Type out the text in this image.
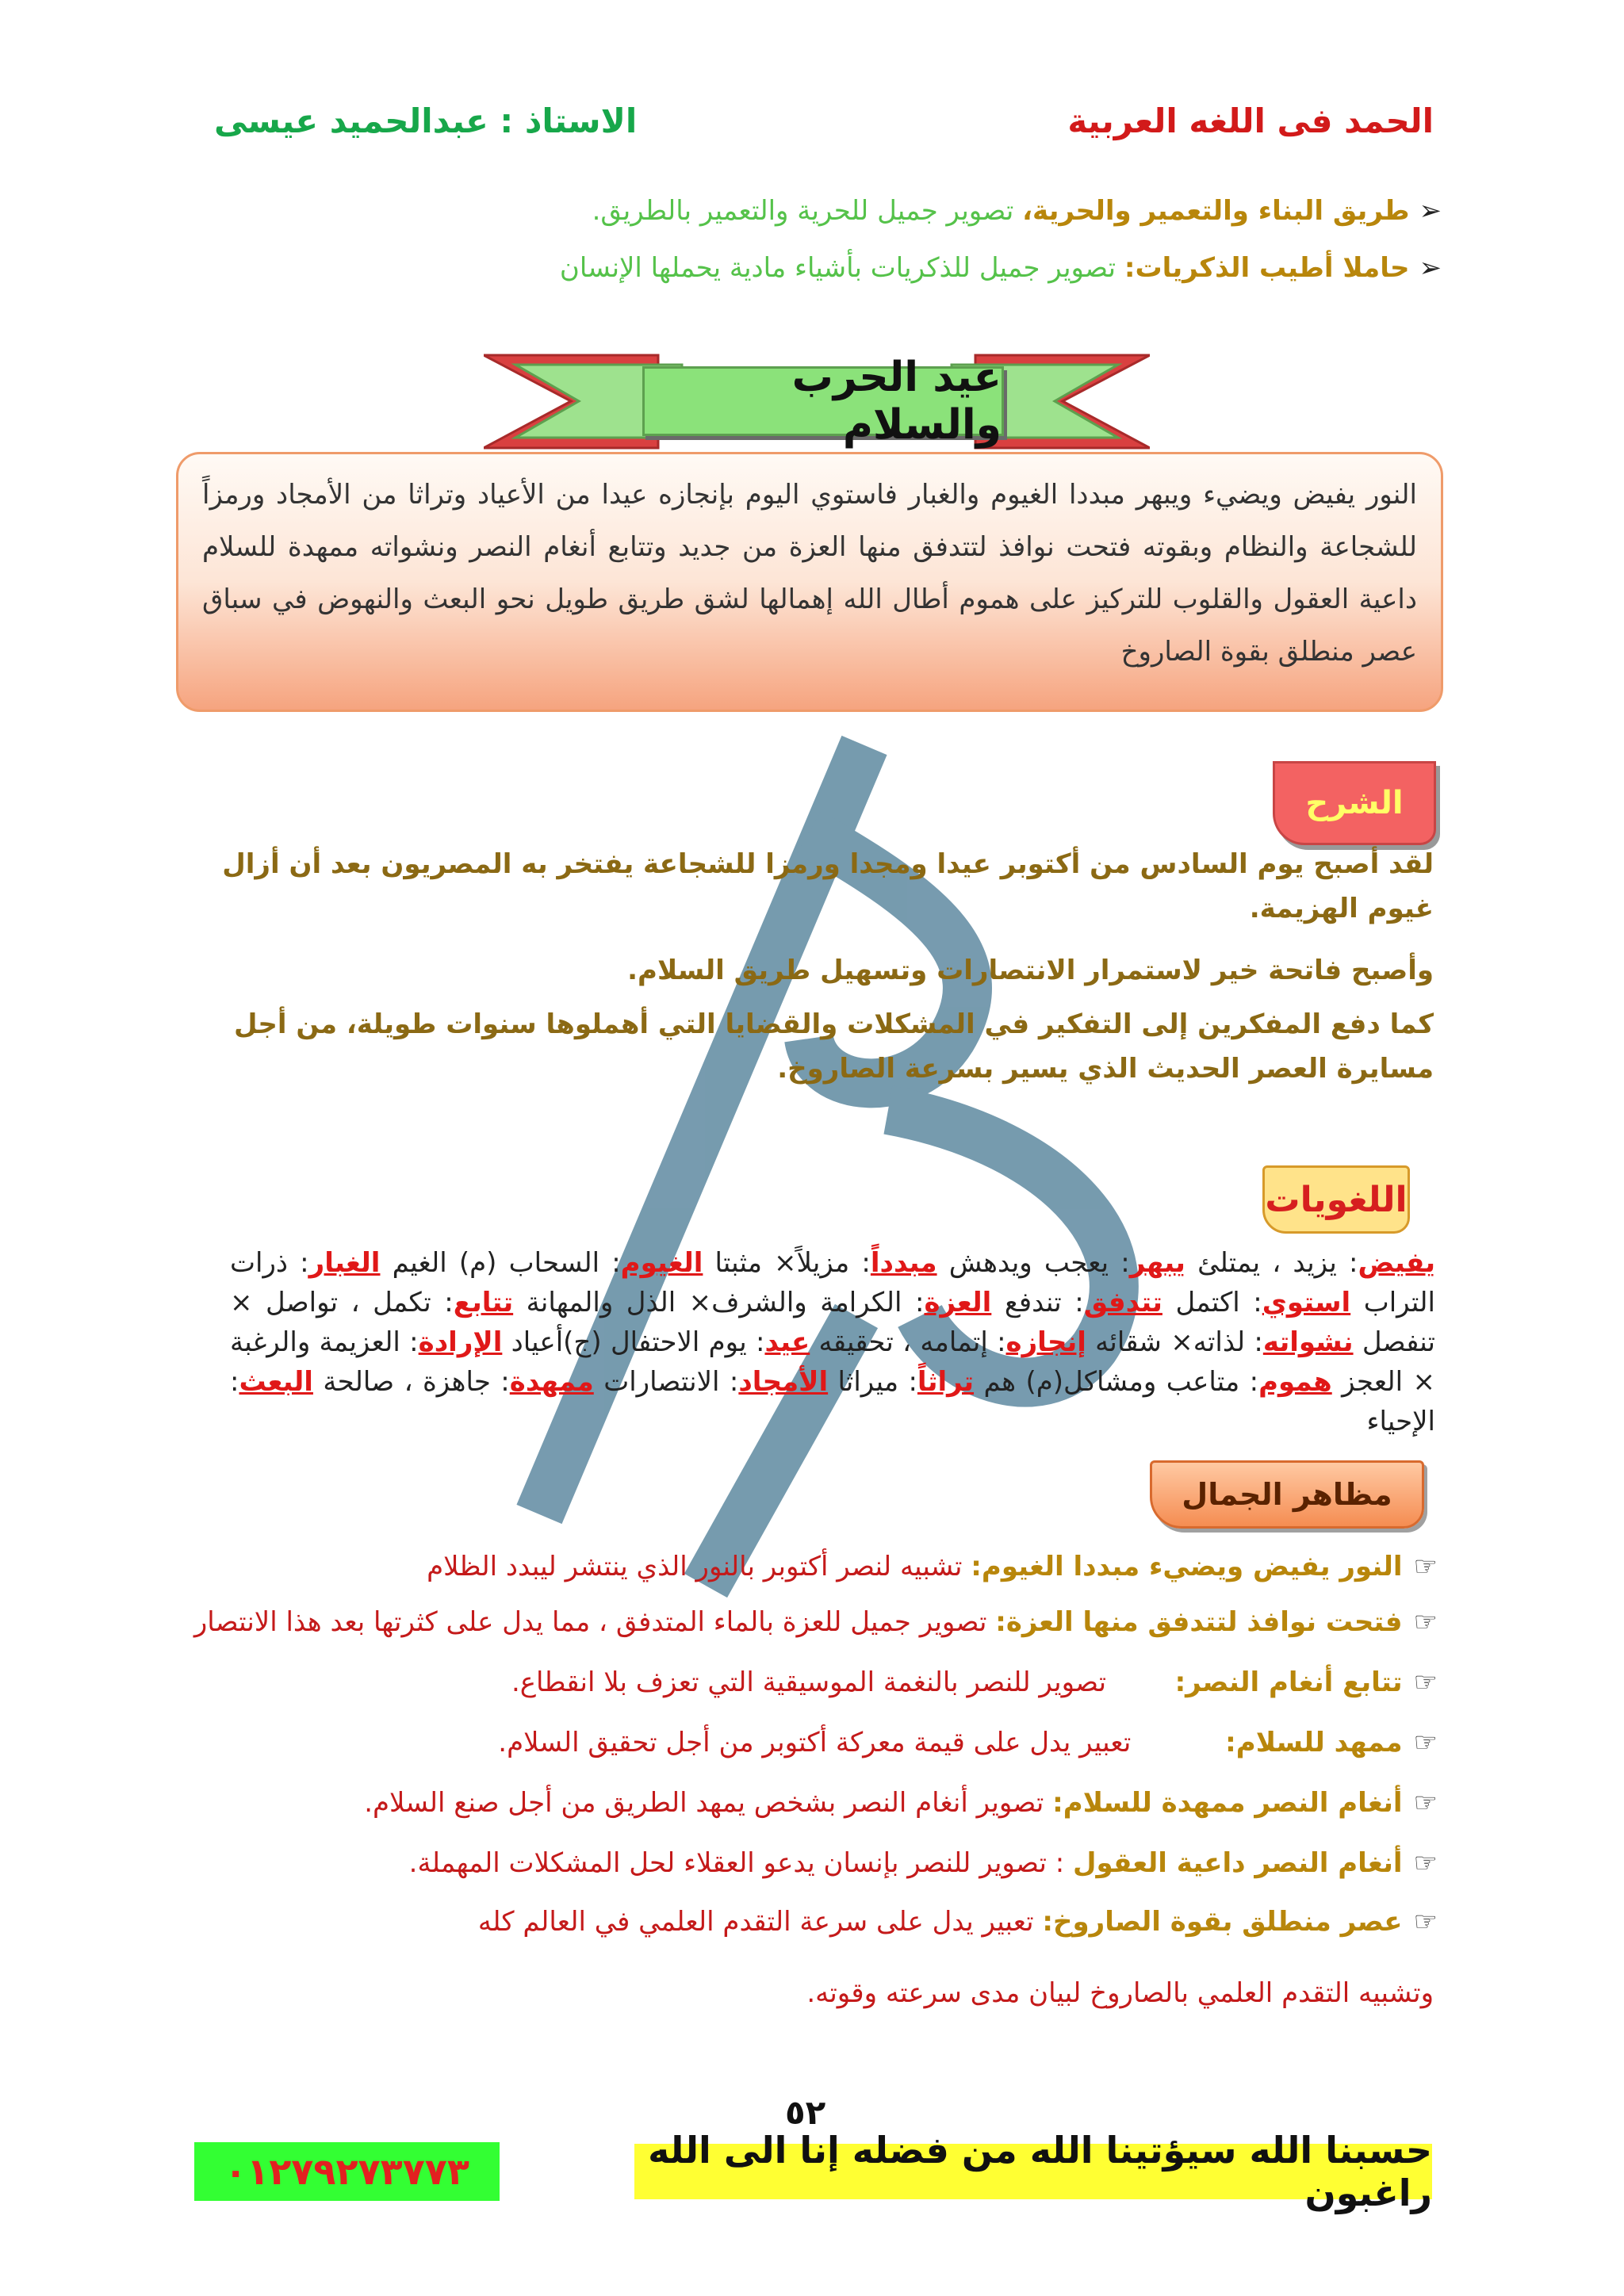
الحمد فى اللغه العربية
الاستاذ : عبدالحميد عيسى
➢
طريق البناء والتعمير والحرية، تصوير جميل للحرية والتعمير بالطريق.
➢
حاملا أطيب الذكريات: تصوير جميل للذكريات بأشياء مادية يحملها الإنسان
عيد الحرب والسلام
النور يفيض ويضيء ويبهر مبددا الغيوم والغبار فاستوي اليوم بإنجازه عيدا من الأعياد وتراثا من الأمجاد ورمزاً للشجاعة والنظام وبقوته فتحت نوافذ لتتدفق منها العزة من جديد وتتابع أنغام النصر ونشواته ممهدة للسلام داعية العقول والقلوب للتركيز على هموم أطال الله إهمالها لشق طريق طويل نحو البعث والنهوض في سباق عصر منطلق بقوة الصاروخ
الشرح
لقد أصبح يوم السادس من أكتوبر عيدا ومجدا ورمزا للشجاعة يفتخر به المصريون بعد أن أزال غيوم الهزيمة.
وأصبح فاتحة خير لاستمرار الانتصارات وتسهيل طريق السلام.
كما دفع المفكرين إلى التفكير في المشكلات والقضايا التي أهملوها سنوات طويلة، من أجل مسايرة العصر الحديث الذي يسير بسرعة الصاروخ.
اللغويات
يفيض: يزيد ، يمتلئ يبهر: يعجب ويدهش مبدداً: مزيلاً× مثبتا الغيوم: السحاب (م) الغيم الغبار: ذرات التراب استوي: اكتمل تتدفق: تندفع العزة: الكرامة والشرف× الذل والمهانة تتابع: تكمل ، تواصل × تنفصل نشواته: لذاته× شقائه إنجازه: إتمامه ، تحقيقه عيد: يوم الاحتفال (ج)أعياد الإرادة: العزيمة والرغبة × العجز هموم: متاعب ومشاكل(م) هم تراثاً: ميراثا الأمجاد: الانتصارات ممهدة: جاهزة ، صالحة البعث: الإحياء
مظاهر الجمال
☞
النور يفيض ويضيء مبددا الغيوم: تشبيه لنصر أكتوبر بالنور الذي ينتشر ليبدد الظلام
☞
فتحت نوافذ لتتدفق منها العزة: تصوير جميل للعزة بالماء المتدفق ، مما يدل على كثرتها بعد هذا الانتصار
☞
تتابع أنغام النصر:        تصوير للنصر بالنغمة الموسيقية التي تعزف بلا انقطاع.
☞
ممهد للسلام:           تعبير يدل على قيمة معركة أكتوبر من أجل تحقيق السلام.
☞
أنغام النصر ممهدة للسلام: تصوير أنغام النصر بشخص يمهد الطريق من أجل صنع السلام.
☞
أنغام النصر داعية العقول : تصوير للنصر بإنسان يدعو العقلاء لحل المشكلات المهملة.
☞
عصر منطلق بقوة الصاروخ: تعبير يدل على سرعة التقدم العلمي في العالم كله
وتشبيه التقدم العلمي بالصاروخ لبيان مدى سرعته وقوته.
٥٢
حسبنا الله سيؤتينا الله من فضله إنا الى الله راغبون
٠١٢٧٩٢٧٣٧٧٣
